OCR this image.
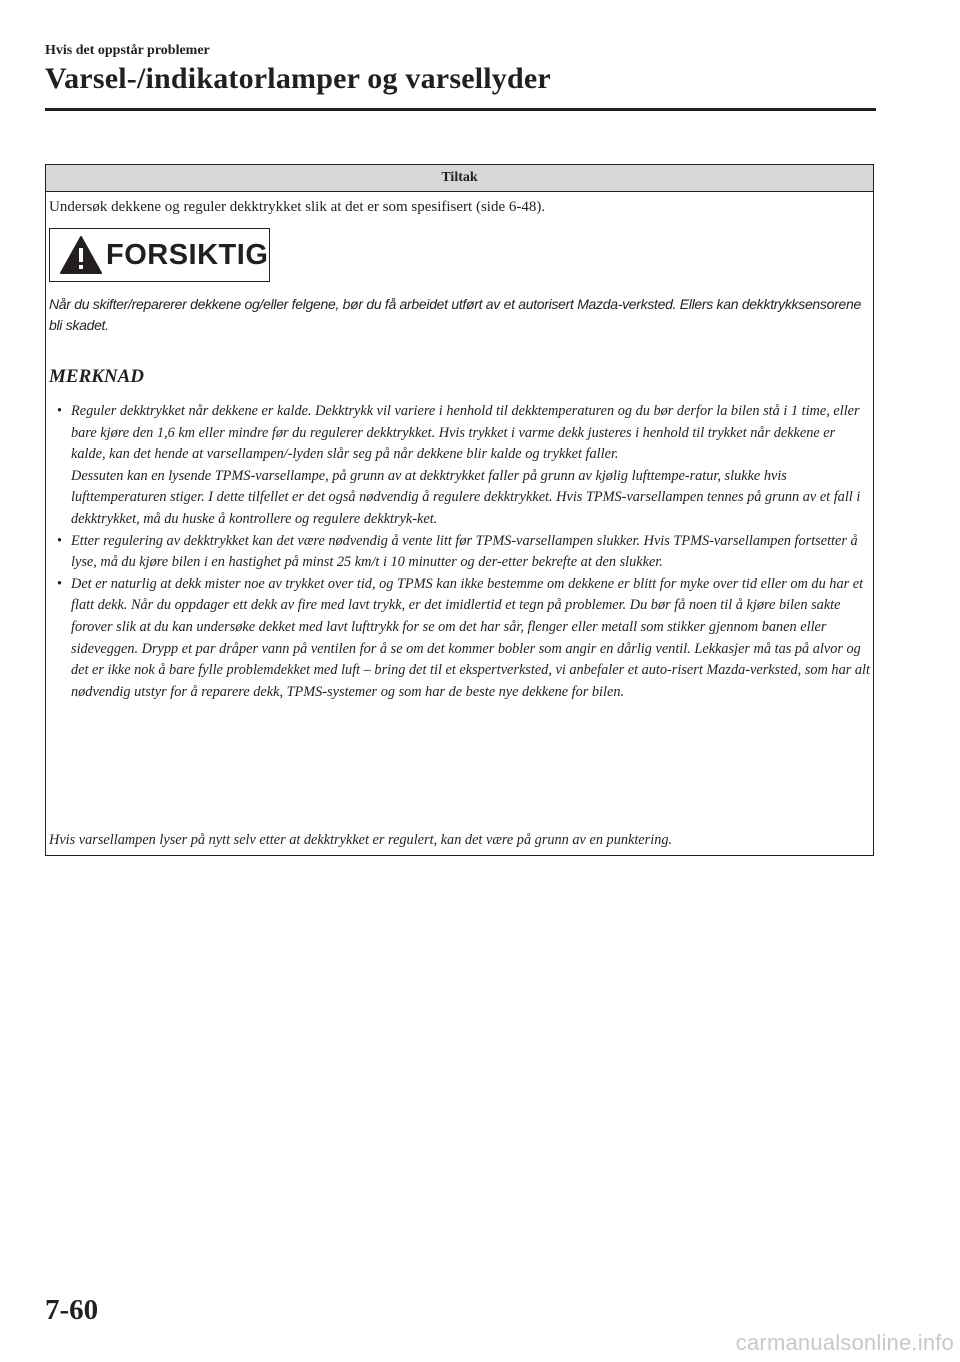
Hvis det oppstår problemer
Varsel-/indikatorlamper og varsellyder
Tiltak
Undersøk dekkene og reguler dekktrykket slik at det er som spesifisert (side 6-48).
FORSIKTIG
Når du skifter/reparerer dekkene og/eller felgene, bør du få arbeidet utført av et autorisert Mazda-verksted. Ellers kan dekktrykksensorene bli skadet.
MERKNAD
• Reguler dekktrykket når dekkene er kalde. Dekktrykk vil variere i henhold til dekktemperaturen og du bør derfor la bilen stå i 1 time, eller bare kjøre den 1,6 km eller mindre før du regulerer dekktrykket. Hvis trykket i varme dekk justeres i henhold til trykket når dekkene er kalde, kan det hende at varsellampen/-lyden slår seg på når dekkene blir kalde og trykket faller.
Dessuten kan en lysende TPMS-varsellampe, på grunn av at dekktrykket faller på grunn av kjølig lufttempe-ratur, slukke hvis lufttemperaturen stiger. I dette tilfellet er det også nødvendig å regulere dekktrykket. Hvis TPMS-varsellampen tennes på grunn av et fall i dekktrykket, må du huske å kontrollere og regulere dekktryk-ket.
• Etter regulering av dekktrykket kan det være nødvendig å vente litt før TPMS-varsellampen slukker. Hvis TPMS-varsellampen fortsetter å lyse, må du kjøre bilen i en hastighet på minst 25 km/t i 10 minutter og der-etter bekrefte at den slukker.
• Det er naturlig at dekk mister noe av trykket over tid, og TPMS kan ikke bestemme om dekkene er blitt for myke over tid eller om du har et flatt dekk. Når du oppdager ett dekk av fire med lavt trykk, er det imidlertid et tegn på problemer. Du bør få noen til å kjøre bilen sakte forover slik at du kan undersøke dekket med lavt lufttrykk for se om det har sår, flenger eller metall som stikker gjennom banen eller sideveggen. Drypp et par dråper vann på ventilen for å se om det kommer bobler som angir en dårlig ventil. Lekkasjer må tas på alvor og det er ikke nok å bare fylle problemdekket med luft – bring det til et ekspertverksted, vi anbefaler et auto-risert Mazda-verksted, som har alt nødvendig utstyr for å reparere dekk, TPMS-systemer og som har de beste nye dekkene for bilen.
Hvis varsellampen lyser på nytt selv etter at dekktrykket er regulert, kan det være på grunn av en punktering.
7-60
carmanualsonline.info
